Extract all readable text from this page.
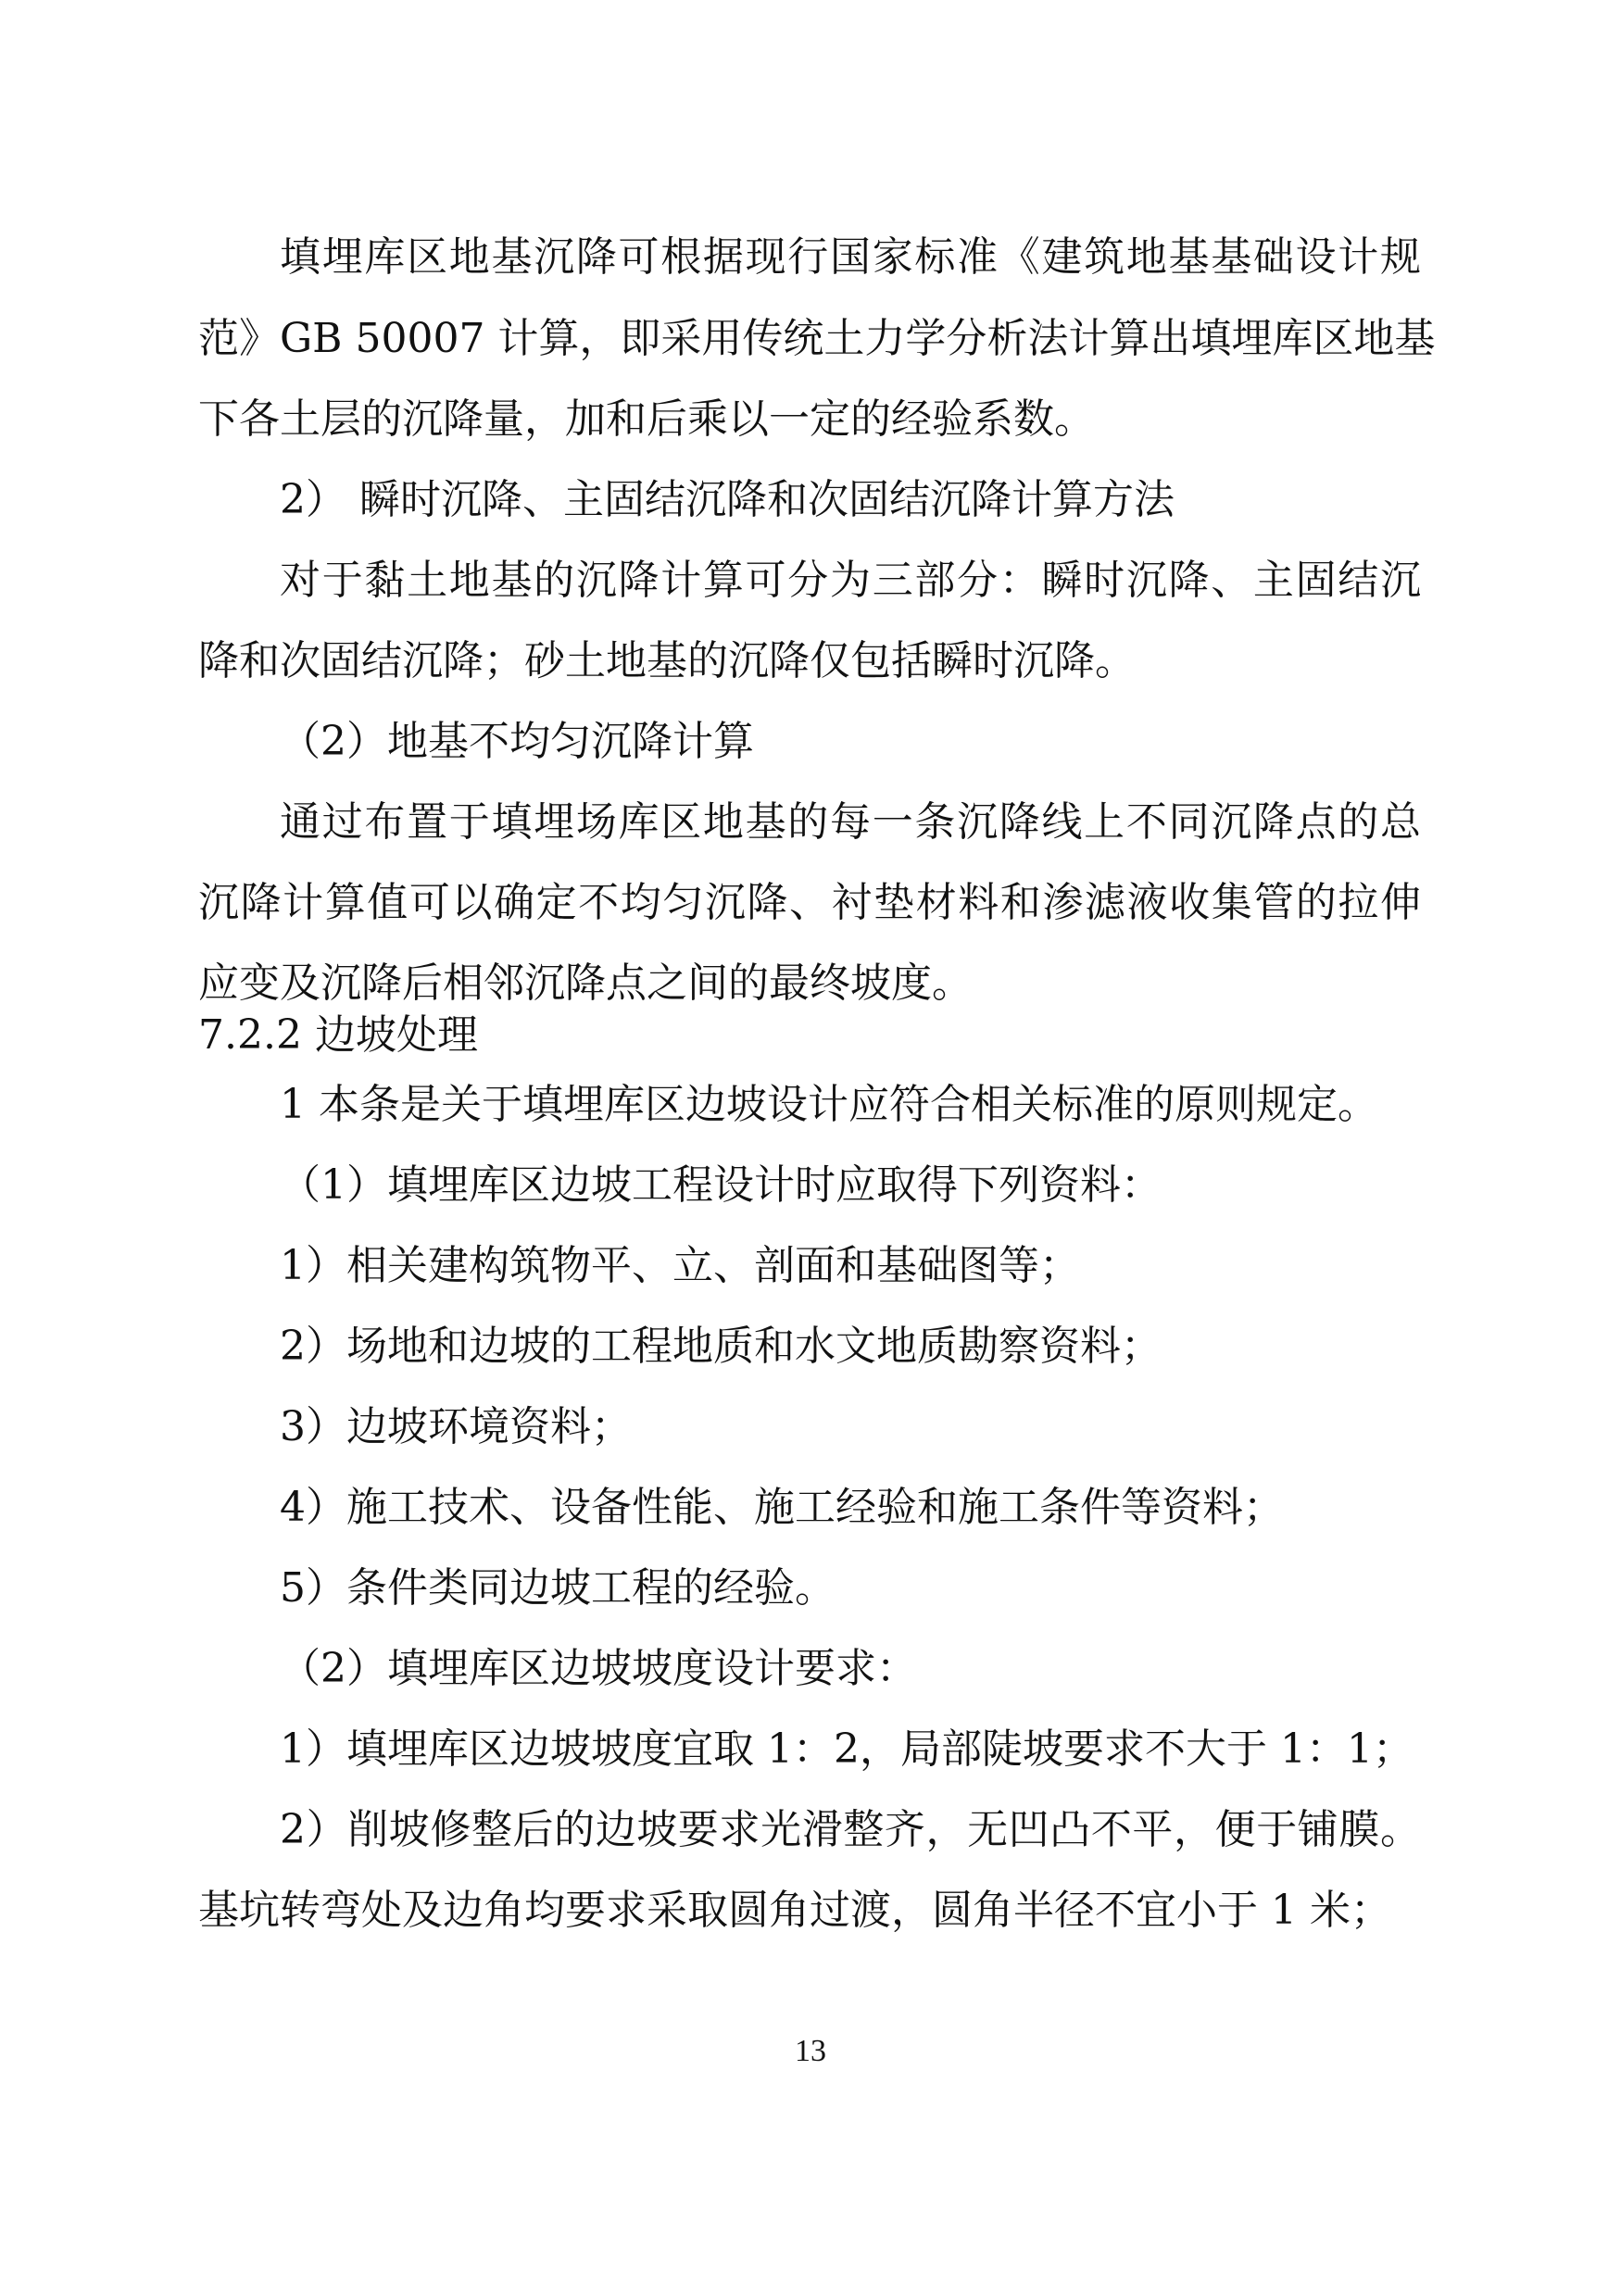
填埋库区地基沉降可根据现行国家标准《建筑地基基础设计规
范》GB 50007 计算，即采用传统土力学分析法计算出填埋库区地基
下各土层的沉降量，加和后乘以一定的经验系数。
2） 瞬时沉降、主固结沉降和次固结沉降计算方法
对于黏土地基的沉降计算可分为三部分：瞬时沉降、主固结沉
降和次固结沉降；砂土地基的沉降仅包括瞬时沉降。
（2）地基不均匀沉降计算
通过布置于填埋场库区地基的每一条沉降线上不同沉降点的总
沉降计算值可以确定不均匀沉降、衬垫材料和渗滤液收集管的拉伸
应变及沉降后相邻沉降点之间的最终坡度。
7.2.2 边坡处理
1 本条是关于填埋库区边坡设计应符合相关标准的原则规定。
（1）填埋库区边坡工程设计时应取得下列资料：
1）相关建构筑物平、立、剖面和基础图等；
2）场地和边坡的工程地质和水文地质勘察资料；
3）边坡环境资料；
4）施工技术、设备性能、施工经验和施工条件等资料；
5）条件类同边坡工程的经验。
（2）填埋库区边坡坡度设计要求：
1）填埋库区边坡坡度宜取 1：2，局部陡坡要求不大于 1：1；
2）削坡修整后的边坡要求光滑整齐，无凹凸不平，便于铺膜。
基坑转弯处及边角均要求采取圆角过渡，圆角半径不宜小于 1 米；
13
